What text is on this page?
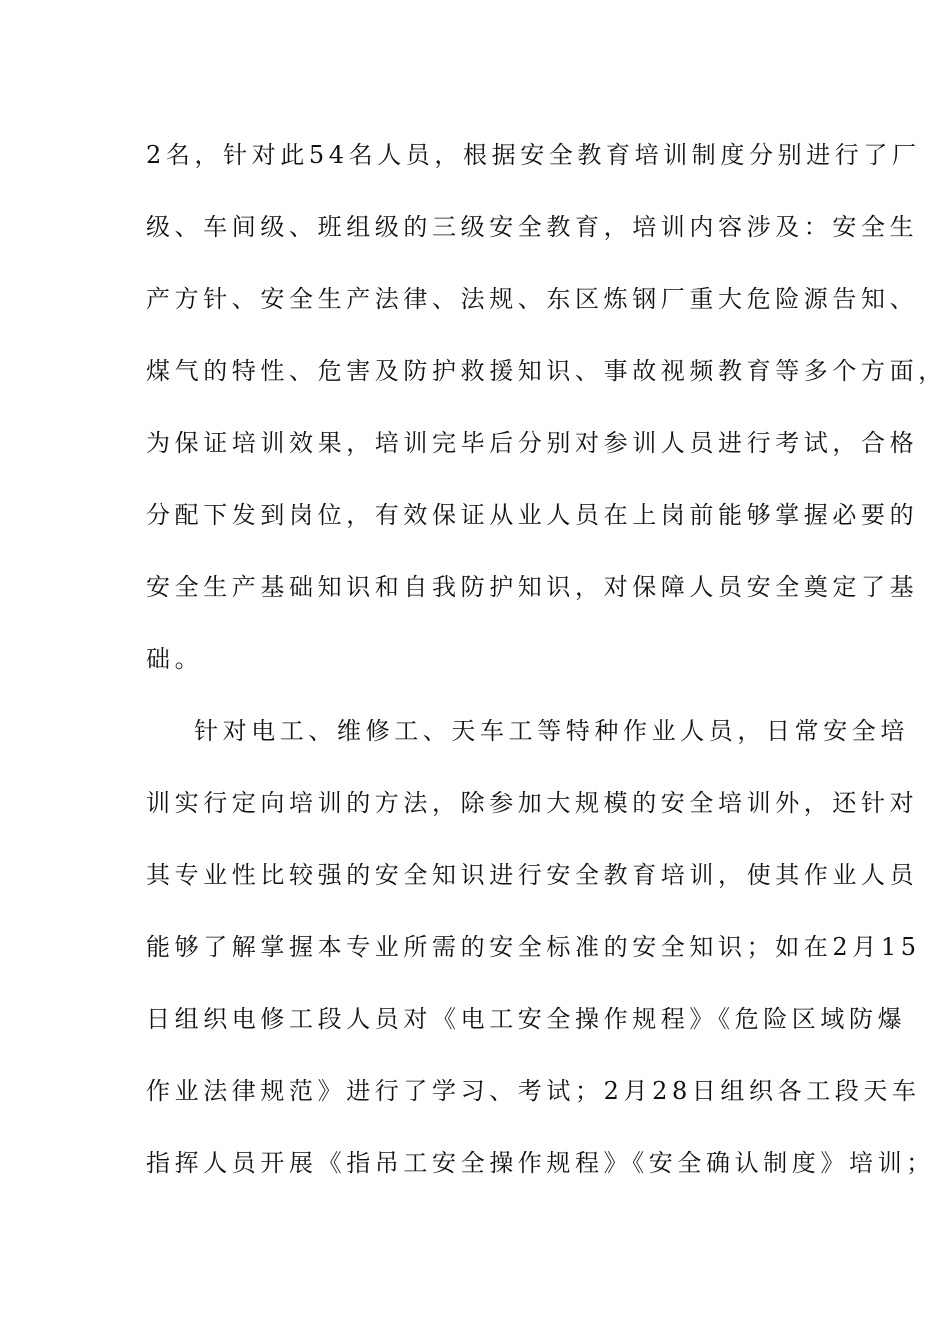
2名，针对此54名人员，根据安全教育培训制度分别进行了厂
级、车间级、班组级的三级安全教育，培训内容涉及：安全生
产方针、安全生产法律、法规、东区炼钢厂重大危险源告知、
煤气的特性、危害及防护救援知识、事故视频教育等多个方面，
为保证培训效果，培训完毕后分别对参训人员进行考试，合格
分配下发到岗位，有效保证从业人员在上岗前能够掌握必要的
安全生产基础知识和自我防护知识，对保障人员安全奠定了基
础。
针对电工、维修工、天车工等特种作业人员，日常安全培
训实行定向培训的方法，除参加大规模的安全培训外，还针对
其专业性比较强的安全知识进行安全教育培训，使其作业人员
能够了解掌握本专业所需的安全标准的安全知识；如在2月15
日组织电修工段人员对《电工安全操作规程》《危险区域防爆
作业法律规范》进行了学习、考试；2月28日组织各工段天车
指挥人员开展《指吊工安全操作规程》《安全确认制度》培训；
